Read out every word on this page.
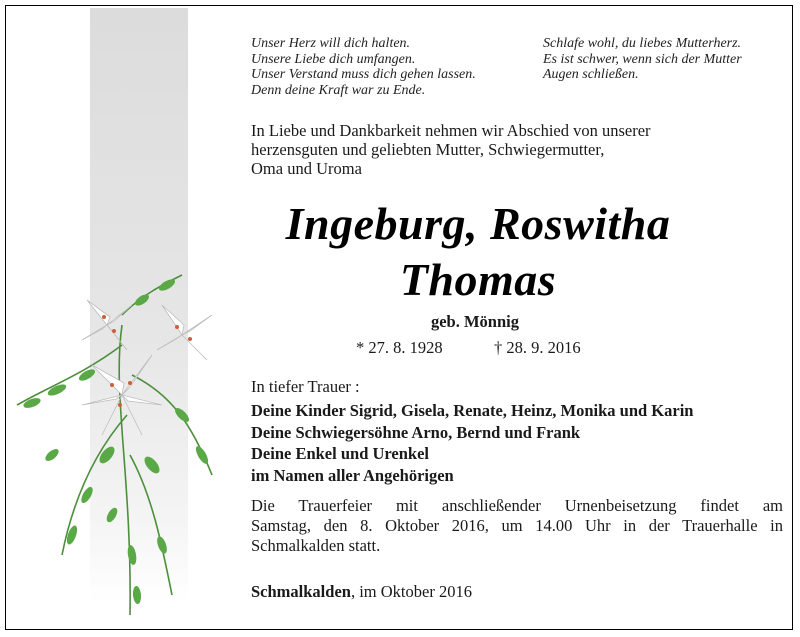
Unser Herz will dich halten.
Unsere Liebe dich umfangen.
Unser Verstand muss dich gehen lassen.
Denn deine Kraft war zu Ende.
Schlafe wohl, du liebes Mutterherz.
Es ist schwer, wenn sich der Mutter
Augen schließen.
In Liebe und Dankbarkeit nehmen wir Abschied von unserer
herzensguten und geliebten Mutter, Schwiegermutter,
Oma und Uroma
Ingeburg, Roswitha
Thomas
geb. Mönnig
* 27. 8. 1928	† 28. 9. 2016
In tiefer Trauer :
Deine Kinder Sigrid, Gisela, Renate, Heinz, Monika und Karin
Deine Schwiegersöhne Arno, Bernd und Frank
Deine Enkel und Urenkel
im Namen aller Angehörigen
Die Trauerfeier mit anschließender Urnenbeisetzung findet am
Samstag, den 8. Oktober 2016, um 14.00 Uhr in der Trauerhalle in
Schmalkalden statt.
Schmalkalden, im Oktober 2016
